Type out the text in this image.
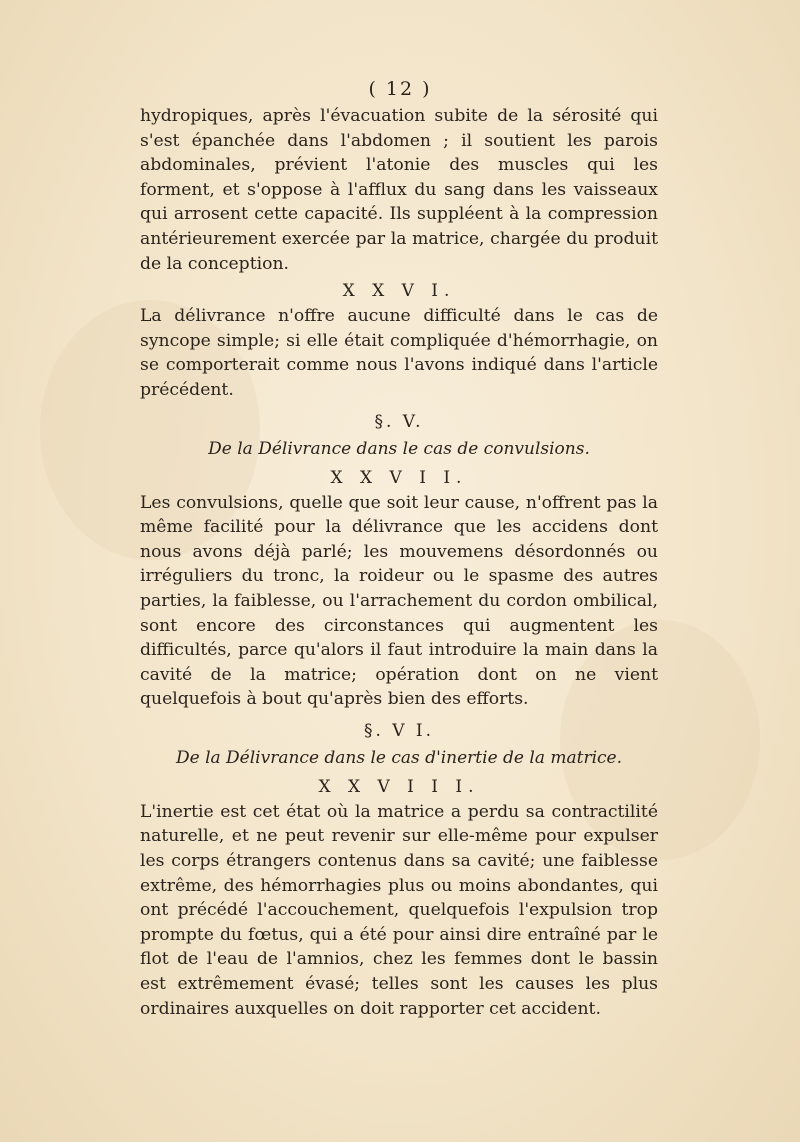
( 12 )

hydropiques, après l'évacuation subite de la sérosité qui s'est épanchée dans l'abdomen ; il soutient les parois abdominales, prévient l'atonie des muscles qui les forment, et s'oppose à l'afflux du sang dans les vaisseaux qui arrosent cette capacité. Ils suppléent à la compression antérieurement exercée par la matrice, chargée du produit de la conception.

X X V I.

La délivrance n'offre aucune difficulté dans le cas de syncope simple; si elle était compliquée d'hémorrhagie, on se comporterait comme nous l'avons indiqué dans l'article précédent.

§. V.

De la Délivrance dans le cas de convulsions.

X X V I I.

Les convulsions, quelle que soit leur cause, n'offrent pas la même facilité pour la délivrance que les accidens dont nous avons déjà parlé; les mouvemens désordonnés ou irréguliers du tronc, la roideur ou le spasme des autres parties, la faiblesse, ou l'arrachement du cordon ombilical, sont encore des circonstances qui augmentent les difficultés, parce qu'alors il faut introduire la main dans la cavité de la matrice; opération dont on ne vient quelquefois à bout qu'après bien des efforts.

§. V I.

De la Délivrance dans le cas d'inertie de la matrice.

X X V I I I.

L'inertie est cet état où la matrice a perdu sa contractilité naturelle, et ne peut revenir sur elle-même pour expulser les corps étrangers contenus dans sa cavité; une faiblesse extrême, des hémorrhagies plus ou moins abondantes, qui ont précédé l'accouchement, quelquefois l'expulsion trop prompte du fœtus, qui a été pour ainsi dire entraîné par le flot de l'eau de l'amnios, chez les femmes dont le bassin est extrêmement évasé; telles sont les causes les plus ordinaires auxquelles on doit rapporter cet accident.
